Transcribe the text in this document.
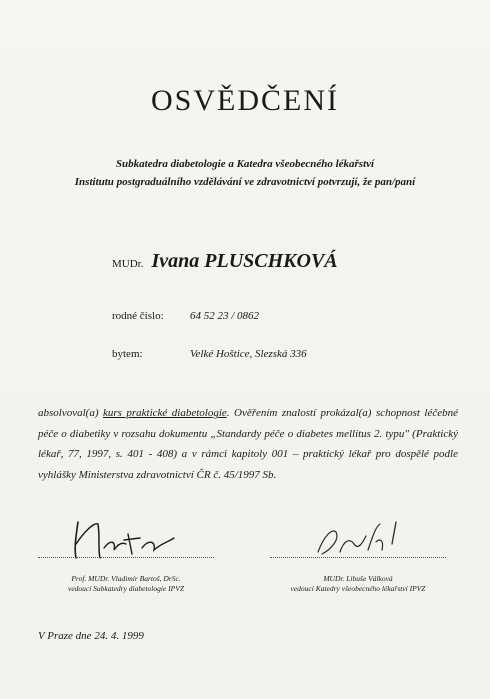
OSVĚDČENÍ
Subkatedra diabetologie a Katedra všeobecného lékařství
Institutu postgraduálního vzdělávání ve zdravotnictví potvrzují, že pan/paní
MUDr. Ivana PLUSCHKOVÁ
rodné číslo: 64 52 23 / 0862
bytem:	Velké Hoštice, Slezská 336
absolvoval(a) kurs praktické diabetologie. Ověřením znalostí prokázal(a) schopnost léčebné péče o diabetiky v rozsahu dokumentu „Standardy péče o diabetes mellitus 2. typu" (Praktický lékař, 77, 1997, s. 401 - 408) a v rámci kapitoly 001 – praktický lékař pro dospělé podle vyhlášky Ministerstva zdravotnictví ČR č. 45/1997 Sb.
Prof. MUDr. Vladimír Bartoš, DrSc.
vedoucí Subkatedry diabetologie IPVZ
MUDr. Libuše Válková
vedoucí Katedry všeobecného lékařství IPVZ
V Praze dne 24. 4. 1999
